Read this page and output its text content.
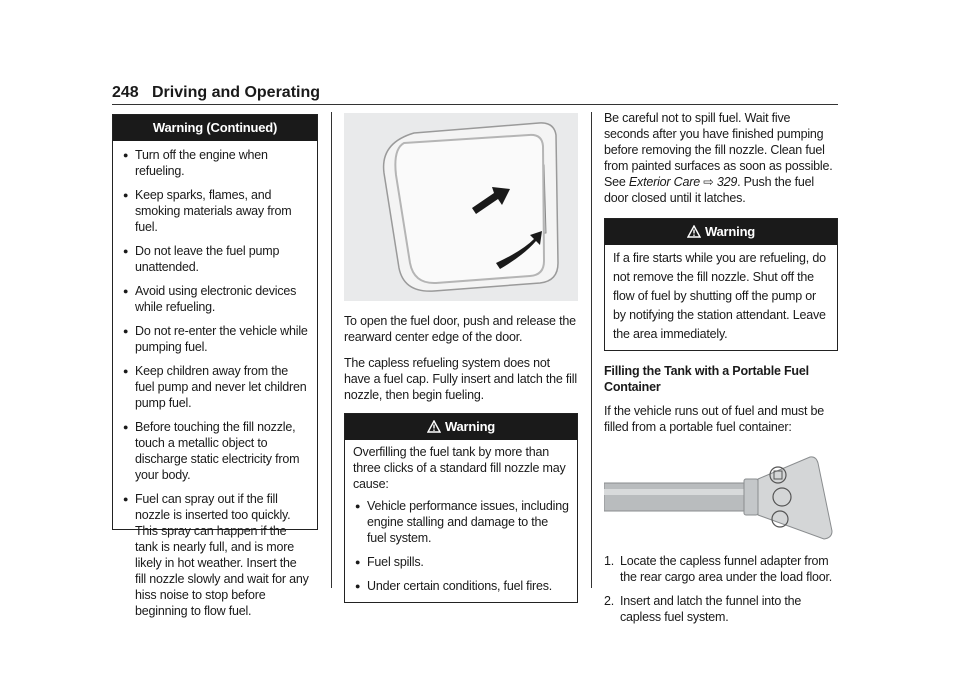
248 Driving and Operating
Warning (Continued)
● Turn off the engine when refueling.
● Keep sparks, flames, and smoking materials away from fuel.
● Do not leave the fuel pump unattended.
● Avoid using electronic devices while refueling.
● Do not re-enter the vehicle while pumping fuel.
● Keep children away from the fuel pump and never let children pump fuel.
● Before touching the fill nozzle, touch a metallic object to discharge static electricity from your body.
● Fuel can spray out if the fill nozzle is inserted too quickly. This spray can happen if the tank is nearly full, and is more likely in hot weather. Insert the fill nozzle slowly and wait for any hiss noise to stop before beginning to flow fuel.

To open the fuel door, push and release the rearward center edge of the door.

The capless refueling system does not have a fuel cap. Fully insert and latch the fill nozzle, then begin fueling.

Warning

Overfilling the fuel tank by more than three clicks of a standard fill nozzle may cause:

● Vehicle performance issues, including engine stalling and damage to the fuel system.
● Fuel spills.
● Under certain conditions, fuel fires.

Be careful not to spill fuel. Wait five seconds after you have finished pumping before removing the fill nozzle. Clean fuel from painted surfaces as soon as possible. See Exterior Care ⇨ 329. Push the fuel door closed until it latches.

Warning
If a fire starts while you are refueling, do not remove the fill nozzle. Shut off the flow of fuel by shutting off the pump or by notifying the station attendant. Leave the area immediately.
Filling the Tank with a Portable Fuel Container

If the vehicle runs out of fuel and must be filled from a portable fuel container:

1. Locate the capless funnel adapter from the rear cargo area under the load floor.
2. Insert and latch the funnel into the capless fuel system.
